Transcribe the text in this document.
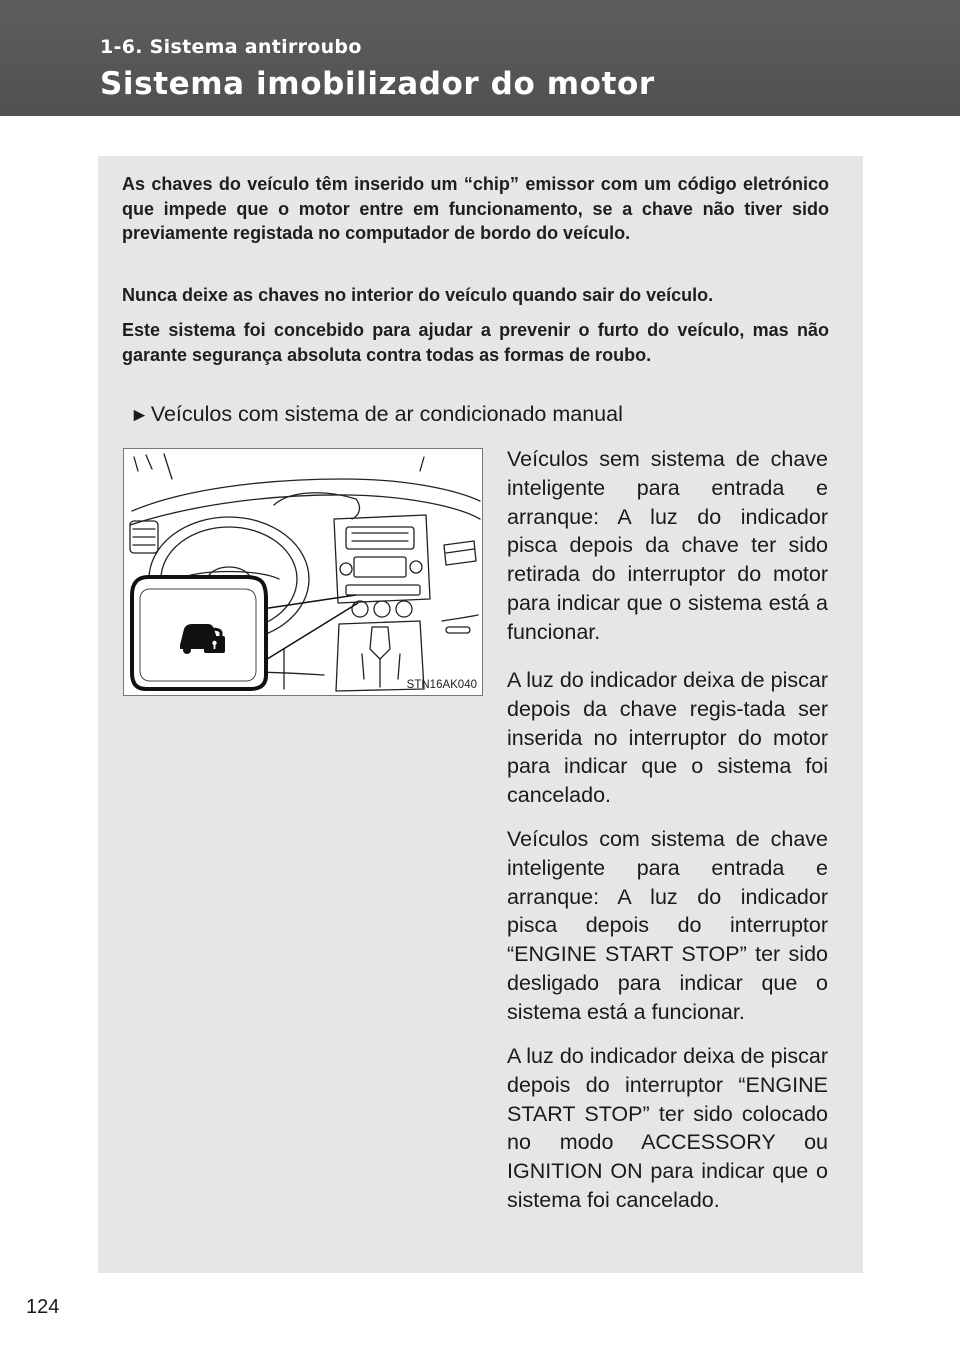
1-6. Sistema antirroubo
Sistema imobilizador do motor

As chaves do veículo têm inserido um “chip” emissor com um código eletrónico que impede que o motor entre em funcionamento, se a chave não tiver sido previamente registada no computador de bordo do veículo.

Nunca deixe as chaves no interior do veículo quando sair do veículo.

Este sistema foi concebido para ajudar a prevenir o furto do veículo, mas não garante segurança absoluta contra todas as formas de roubo.

►Veículos com sistema de ar condicionado manual
STN16AK040

Veículos sem sistema de chave inteligente para entrada e arranque: A luz do indicador pisca depois da chave ter sido retirada do interruptor do motor para indicar que o sistema está a funcionar.

A luz do indicador deixa de piscar depois da chave regis-tada ser inserida no interruptor do motor para indicar que o sistema foi cancelado.

Veículos com sistema de chave inteligente para entrada e arranque: A luz do indicador pisca depois do interruptor “ENGINE START STOP” ter sido desligado para indicar que o sistema está a funcionar.

A luz do indicador deixa de piscar depois do interruptor “ENGINE START STOP” ter sido colocado no modo ACCESSORY ou IGNITION ON para indicar que o sistema foi cancelado.

124
